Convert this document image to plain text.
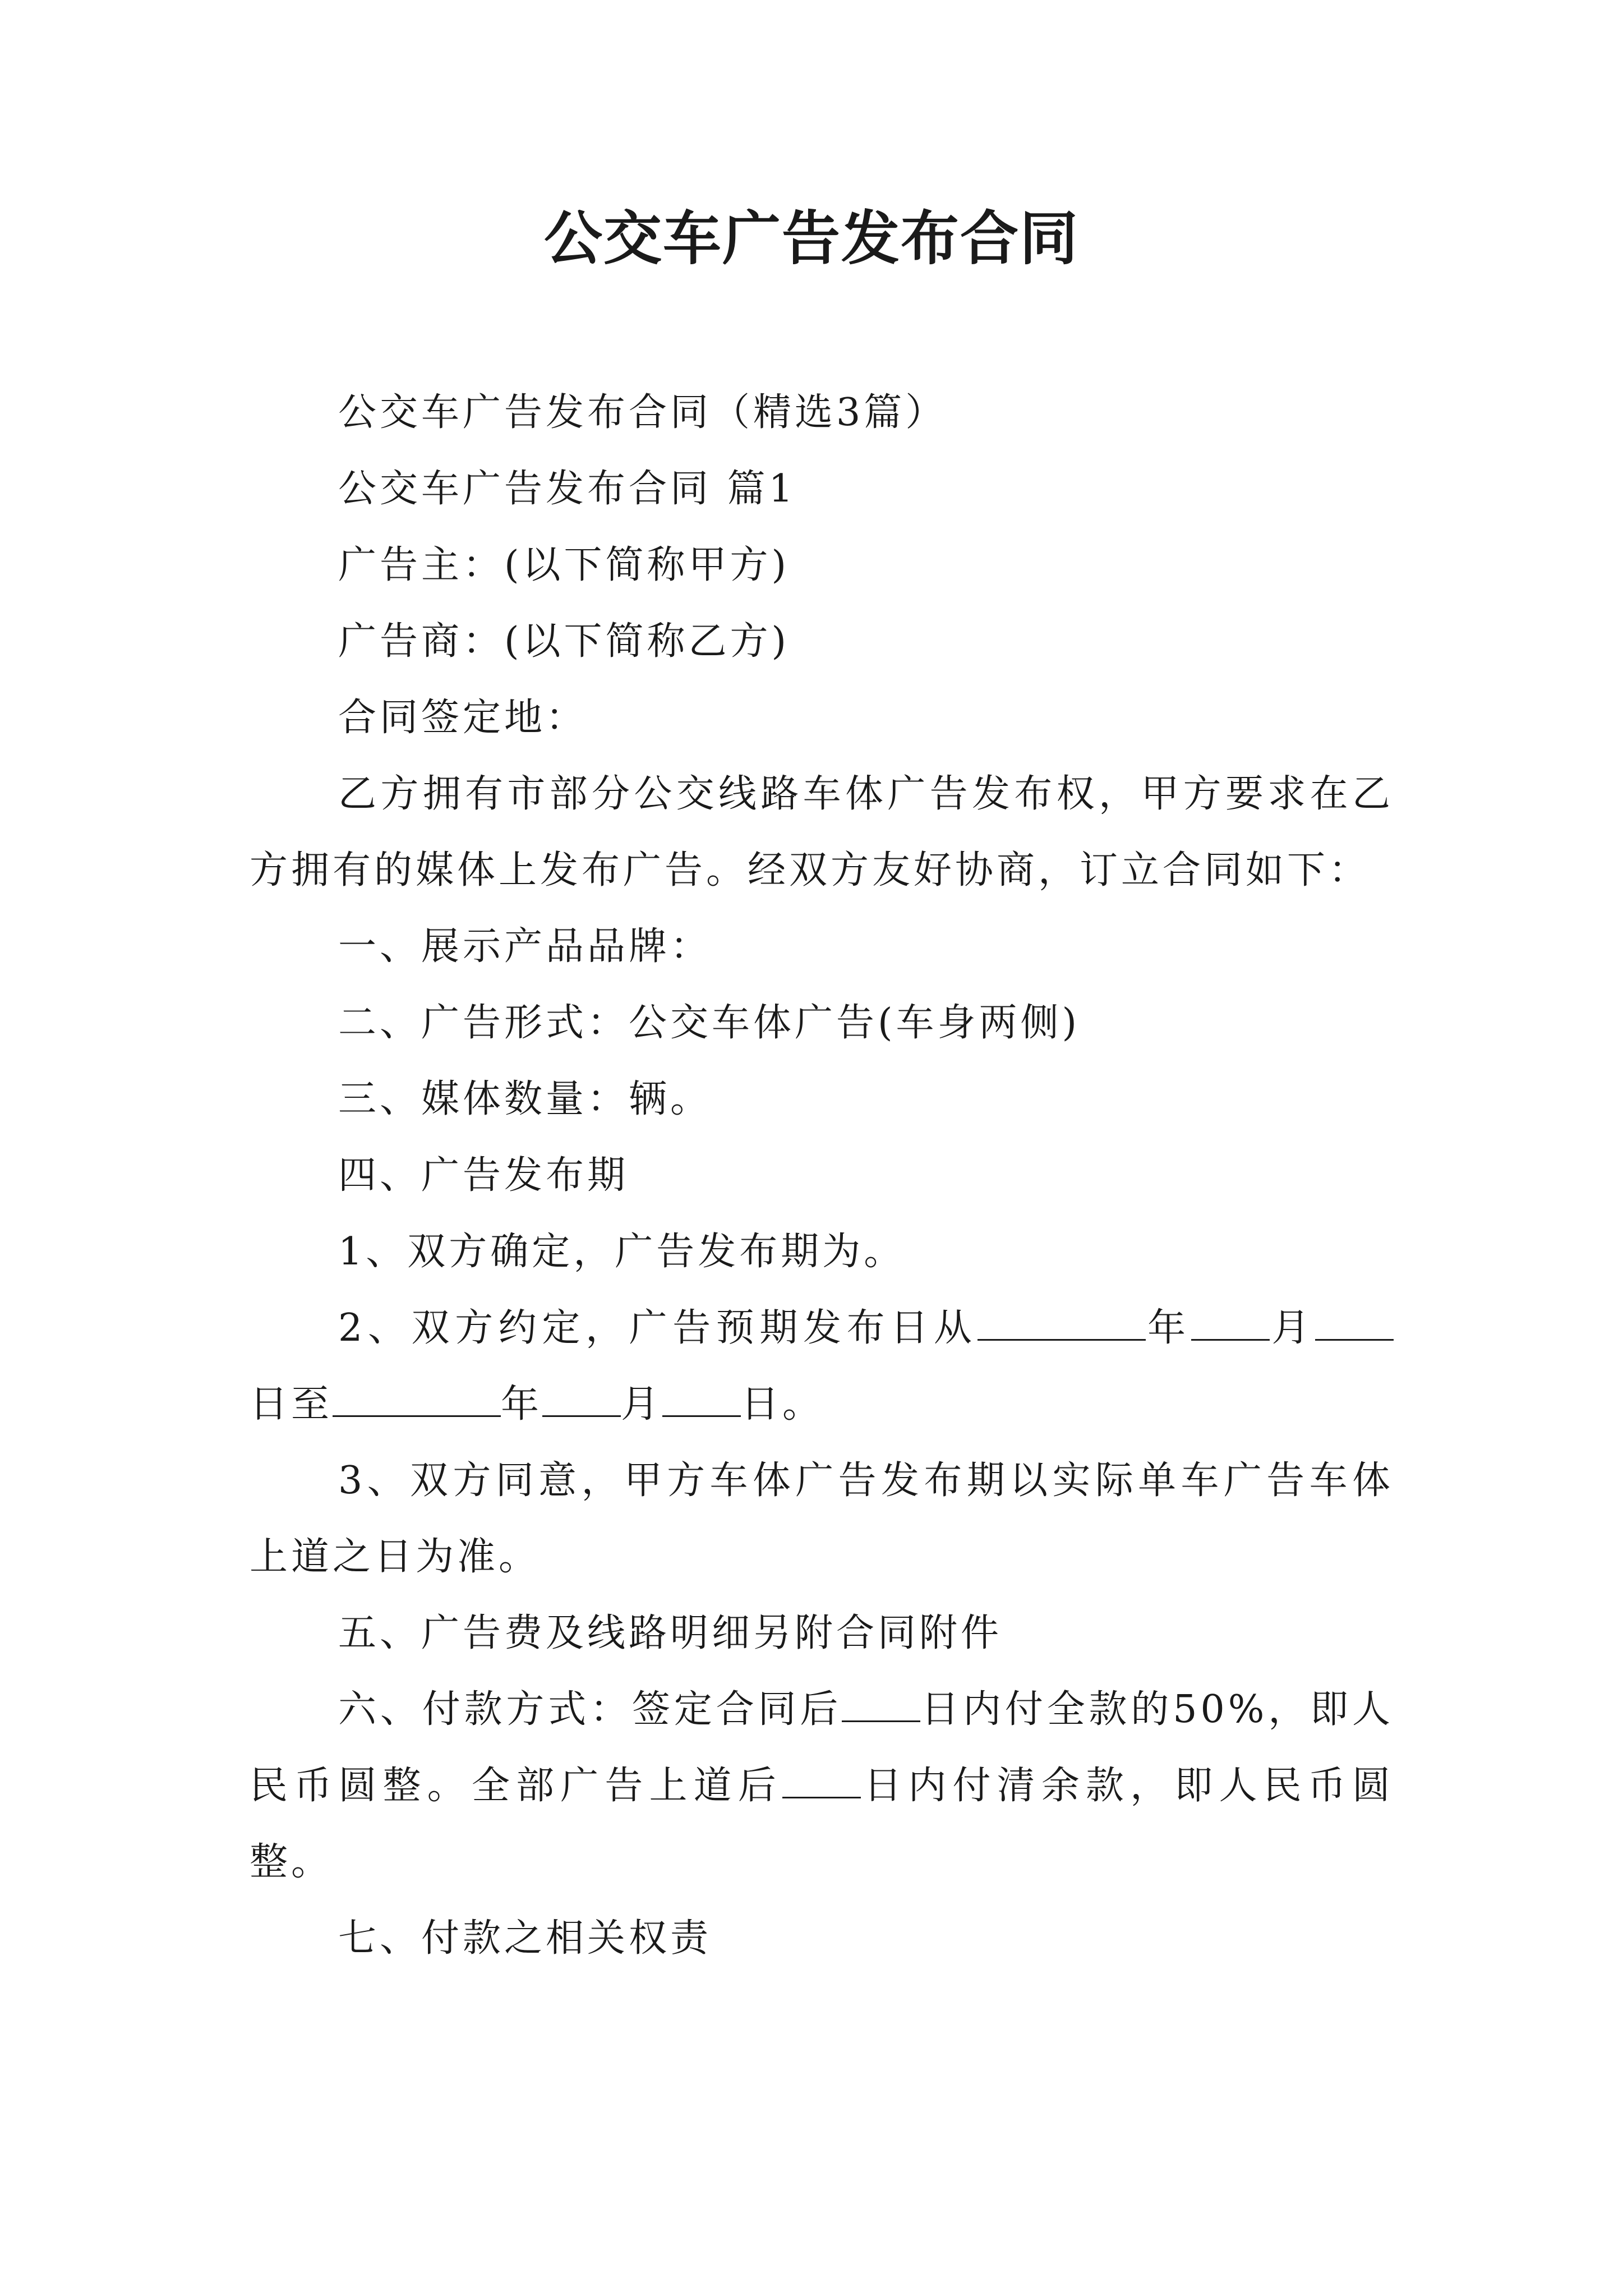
公交车广告发布合同

公交车广告发布合同（精选3篇）

公交车广告发布合同 篇1

广告主：(以下简称甲方)

广告商：(以下简称乙方)

合同签定地：

乙方拥有市部分公交线路车体广告发布权，甲方要求在乙方拥有的媒体上发布广告。经双方友好协商，订立合同如下：

一、展示产品品牌：

二、广告形式：公交车体广告(车身两侧)

三、媒体数量：辆。

四、广告发布期

1、双方确定，广告发布期为。

2、双方约定，广告预期发布日从	年 月日至	年 月 日。

3、双方同意，甲方车体广告发布期以实际单车广告车体上道之日为准。

五、广告费及线路明细另附合同附件

六、付款方式：签定合同后 日内付全款的50%，即人民币圆整。全部广告上道后 日内付清余款，即人民币圆整。

七、付款之相关权责
